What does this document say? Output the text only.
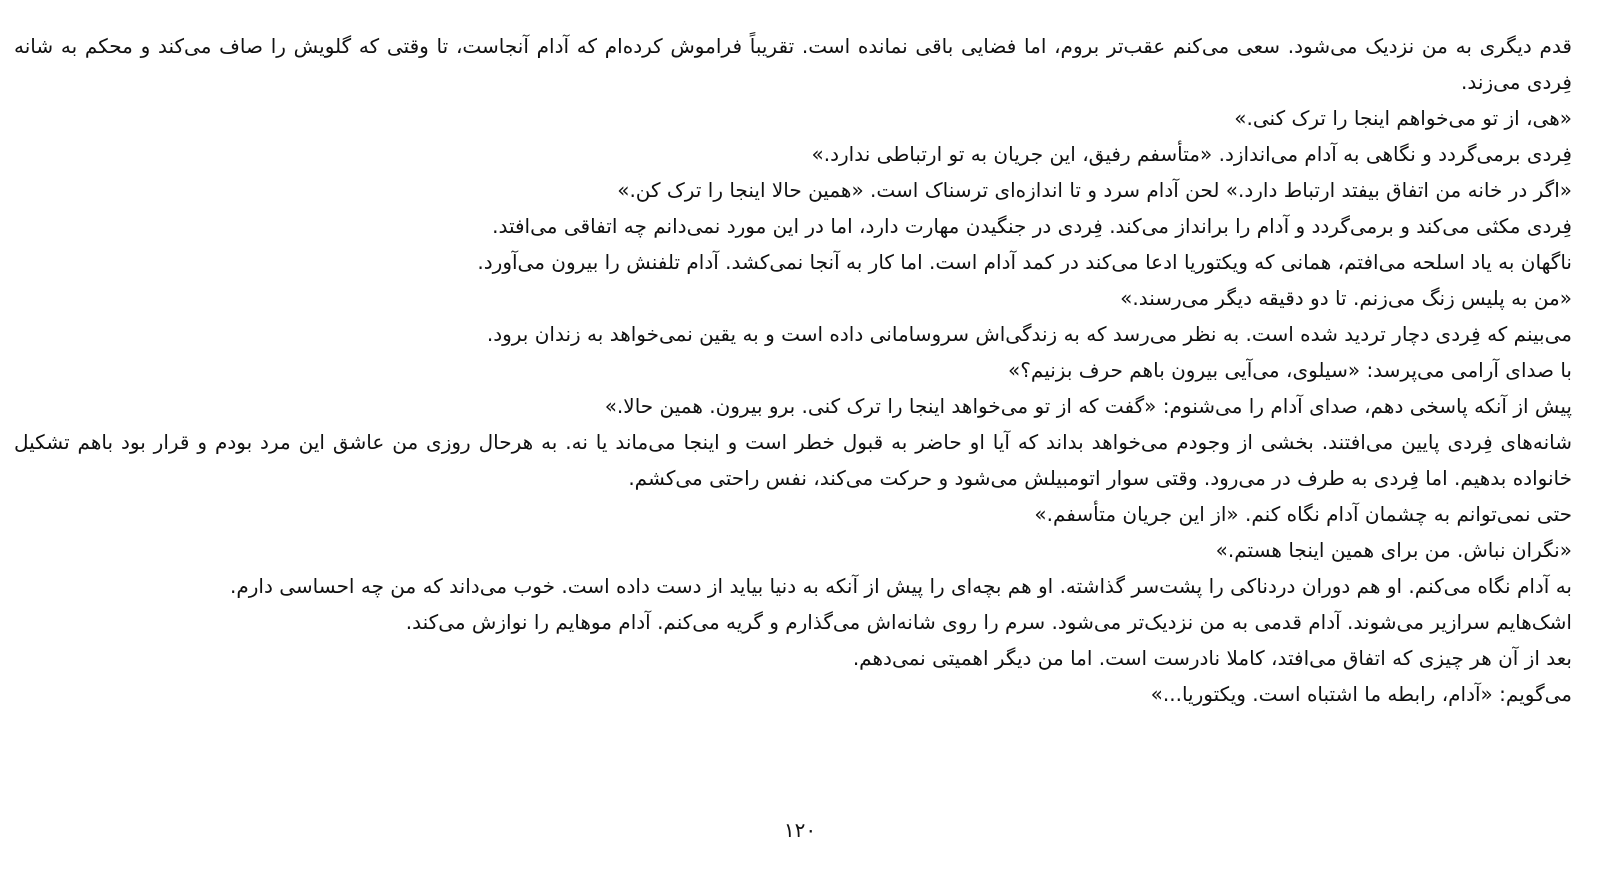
قدم دیگری به من نزدیک می‌شود. سعی می‌کنم عقب‌تر بروم، اما فضایی باقی نمانده است. تقریباً فراموش کرده‌ام که آدام آنجاست، تا وقتی که گلویش را صاف می‌کند و محکم به شانه فِردی می‌زند.

«هی، از تو می‌خواهم اینجا را ترک کنی.»

فِردی برمی‌گردد و نگاهی به آدام می‌اندازد. «متأسفم رفیق، این جریان به تو ارتباطی ندارد.»

«اگر در خانه من اتفاق بیفتد ارتباط دارد.» لحن آدام سرد و تا اندازه‌ای ترسناک است. «همین حالا اینجا را ترک کن.»

فِردی مکثی می‌کند و برمی‌گردد و آدام را برانداز می‌کند. فِردی در جنگیدن مهارت دارد، اما در این مورد نمی‌دانم چه اتفاقی می‌افتد.

ناگهان به یاد اسلحه می‌افتم، همانی که ویکتوریا ادعا می‌کند در کمد آدام است. اما کار به آنجا نمی‌کشد. آدام تلفنش را بیرون می‌آورد.

«من به پلیس زنگ می‌زنم. تا دو دقیقه دیگر می‌رسند.»

می‌بینم که فِردی دچار تردید شده است. به نظر می‌رسد که به زندگی‌اش سروسامانی داده است و به یقین نمی‌خواهد به زندان برود.

با صدای آرامی می‌پرسد: «سیلوی، می‌آیی بیرون باهم حرف بزنیم؟»

پیش از آنکه پاسخی دهم، صدای آدام را می‌شنوم: «گفت که از تو می‌خواهد اینجا را ترک کنی. برو بیرون. همین حالا.»

شانه‌های فِردی پایین می‌افتند. بخشی از وجودم می‌خواهد بداند که آیا او حاضر به قبول خطر است و اینجا می‌ماند یا نه. به هرحال روزی من عاشق این مرد بودم و قرار بود باهم تشکیل خانواده بدهیم. اما فِردی به طرف در می‌رود. وقتی سوار اتومبیلش می‌شود و حرکت می‌کند، نفس راحتی می‌کشم.

حتی نمی‌توانم به چشمان آدام نگاه کنم. «از این جریان متأسفم.»

«نگران نباش. من برای همین اینجا هستم.»

به آدام نگاه می‌کنم. او هم دوران دردناکی را پشت‌سر گذاشته. او هم بچه‌ای را پیش از آنکه به دنیا بیاید از دست داده است. خوب می‌داند که من چه احساسی دارم.

اشک‌هایم سرازیر می‌شوند. آدام قدمی به من نزدیک‌تر می‌شود. سرم را روی شانه‌اش می‌گذارم و گریه می‌کنم. آدام موهایم را نوازش می‌کند.

بعد از آن هر چیزی که اتفاق می‌افتد، کاملا نادرست است. اما من دیگر اهمیتی نمی‌دهم.

می‌گویم: «آدام، رابطه ما اشتباه است. ویکتوریا...»

۱۲۰
